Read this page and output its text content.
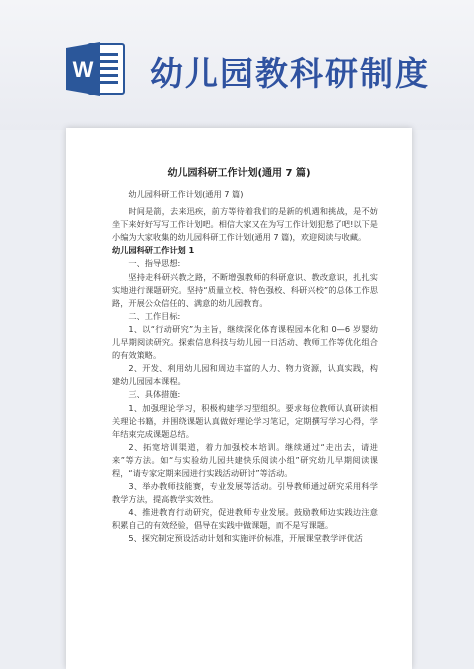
W 幼儿园教科研制度
幼儿园科研工作计划(通用 7 篇)

幼儿园科研工作计划(通用 7 篇)

时间是箭，去来迅疾，前方等待着我们的是新的机遇和挑战，是不妨坐下来好好写写工作计划吧。相信大家又在为写工作计划犯愁了吧!以下是小编为大家收集的幼儿园科研工作计划(通用 7 篇)，欢迎阅读与收藏。

幼儿园科研工作计划 1

一、指导思想:

坚持走科研兴教之路，不断增强教师的科研意识、教改意识，扎扎实实地进行课题研究。坚持“质量立校、特色强校、科研兴校”的总体工作思路，开展公众信任的、满意的幼儿园教育。

二、工作目标:

1、以“行动研究”为主旨，继续深化体育课程园本化和 0—6 岁婴幼儿早期阅读研究。探索信息科技与幼儿园一日活动、教师工作等优化组合的有效策略。

2、开发、利用幼儿园和周边丰富的人力、物力资源，认真实践，构建幼儿园园本课程。

三、具体措施:

1、加强理论学习，积极构建学习型组织。要求每位教师认真研读相关理论书籍，并围绕课题认真做好理论学习笔记，定期撰写学习心得，学年结束完成课题总结。

2、拓宽培训渠道，着力加强校本培训。继续通过“走出去，请进来”等方法。如“与实验幼儿园共建快乐阅读小组”研究幼儿早期阅读课程，“请专家定期来园进行实践活动研讨”等活动。

3、举办教师技能赛，专业发展等活动。引导教师通过研究采用科学教学方法，提高教学实效性。

4、推进教育行动研究，促进教师专业发展。鼓励教师边实践边注意积累自己的有效经验，倡导在实践中做课题，而不是写课题。

5、探究制定预设活动计划和实施评价标准，开展课堂教学评优活
